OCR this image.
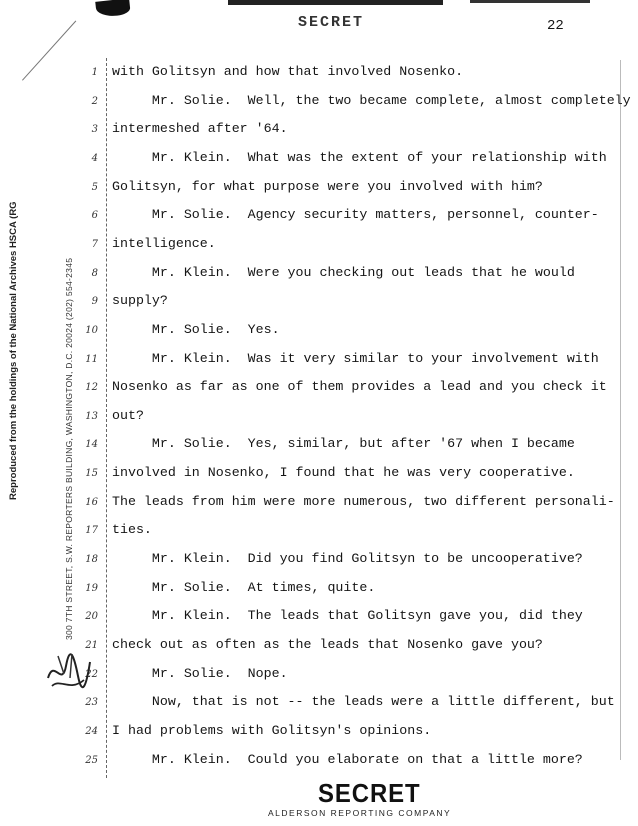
SECRET	22
Reproduced from the holdings of the National Archives HSCA (RG	300 7TH STREET, S.W. REPORTERS BUILDING, WASHINGTON, D.C. 20024 (202) 554-2345
1 with Golitsyn and how that involved Nosenko.
2 Mr. Solie.  Well, the two became complete, almost completely
3 intermeshed after '64.
4 Mr. Klein.  What was the extent of your relationship with
5 Golitsyn, for what purpose were you involved with him?
6 Mr. Solie.  Agency security matters, personnel, counter-
7 intelligence.
8 Mr. Klein.  Were you checking out leads that he would
9 supply?
10 Mr. Solie.  Yes.
11 Mr. Klein.  Was it very similar to your involvement with
12 Nosenko as far as one of them provides a lead and you check it
13 out?
14 Mr. Solie.  Yes, similar, but after '67 when I became
15 involved in Nosenko, I found that he was very cooperative.
16 The leads from him were more numerous, two different personali-
17 ties.
18 Mr. Klein.  Did you find Golitsyn to be uncooperative?
19 Mr. Solie.  At times, quite.
20 Mr. Klein.  The leads that Golitsyn gave you, did they
21 check out as often as the leads that Nosenko gave you?
22 Mr. Solie.  Nope.
23 Now, that is not -- the leads were a little different, but
24 I had problems with Golitsyn's opinions.
25 Mr. Klein.  Could you elaborate on that a little more?
SECRET
ALDERSON REPORTING COMPANY
